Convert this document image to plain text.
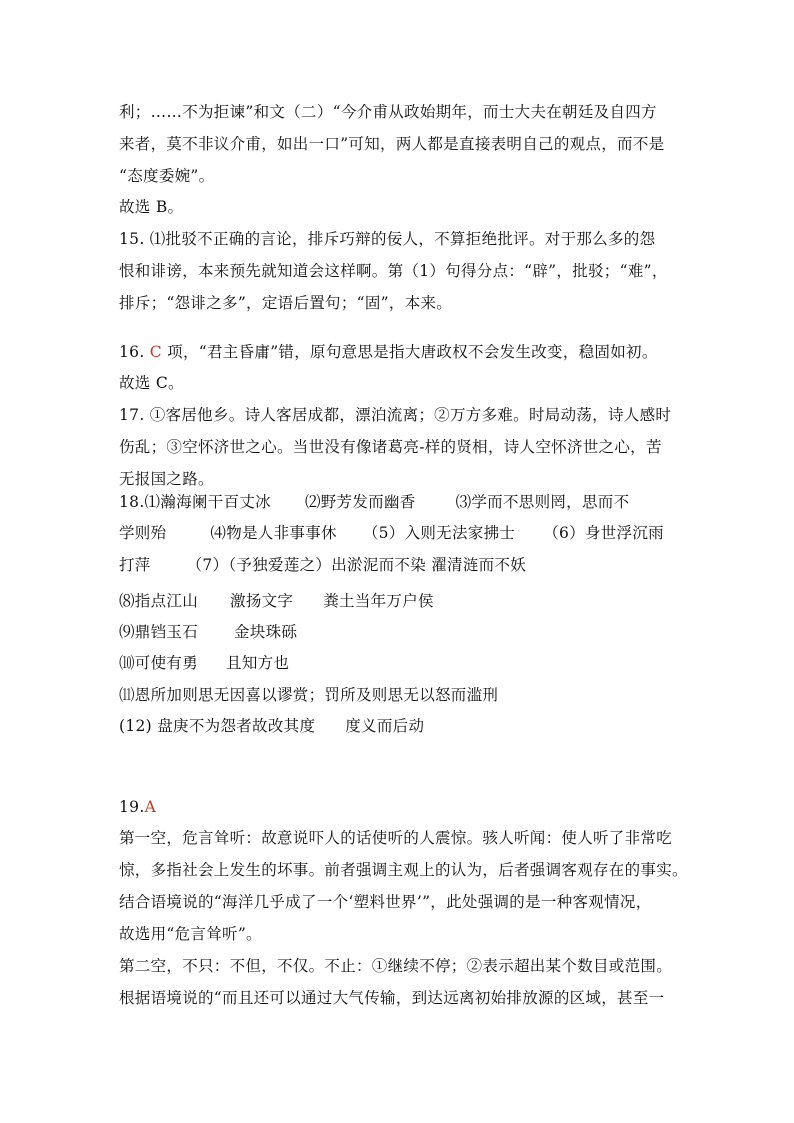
利；……不为拒谏”和文（二）“今介甫从政始期年，而士大夫在朝廷及自四方
来者，莫不非议介甫，如出一口”可知，两人都是直接表明自己的观点，而不是
“态度委婉”。
故选 B。
15. ⑴批驳不正确的言论，排斥巧辩的佞人，不算拒绝批评。对于那么多的怨
恨和诽谤，本来预先就知道会这样啊。第（1）句得分点：“辟”，批驳；“难”，
排斥；“怨诽之多”，定语后置句；“固”，本来。
16. C 项，“君主昏庸”错，原句意思是指大唐政权不会发生改变，稳固如初。
故选 C。
17. ①客居他乡。诗人客居成都，漂泊流离；②万方多难。时局动荡，诗人感时
伤乱；③空怀济世之心。当世没有像诸葛亮-样的贤相，诗人空怀济世之心，苦
无报国之路。
18.⑴瀚海阑干百丈冰 ⑵野芳发而幽香	⑶学而不思则罔，思而不
学则殆	⑷物是人非事事休 （5）入则无法家拂士 （6）身世浮沉雨
打萍 （7）（予独爱莲之）出淤泥而不染 濯清涟而不妖
⑻指点江山 激扬文字 粪土当年万户侯
⑼鼎铛玉石 金块珠砾
⑽可使有勇 且知方也
⑾恩所加则思无因喜以谬赏；罚所及则思无以怒而滥刑
(12) 盘庚不为怨者故改其度 度义而后动
19.A
第一空，危言耸听：故意说吓人的话使听的人震惊。骇人听闻：使人听了非常吃
惊，多指社会上发生的坏事。前者强调主观上的认为，后者强调客观存在的事实。
结合语境说的“海洋几乎成了一个‘塑料世界’”，此处强调的是一种客观情况，
故选用“危言耸听”。
第二空，不只：不但，不仅。不止：①继续不停；②表示超出某个数目或范围。
根据语境说的“而且还可以通过大气传输，到达远离初始排放源的区域，甚至一
